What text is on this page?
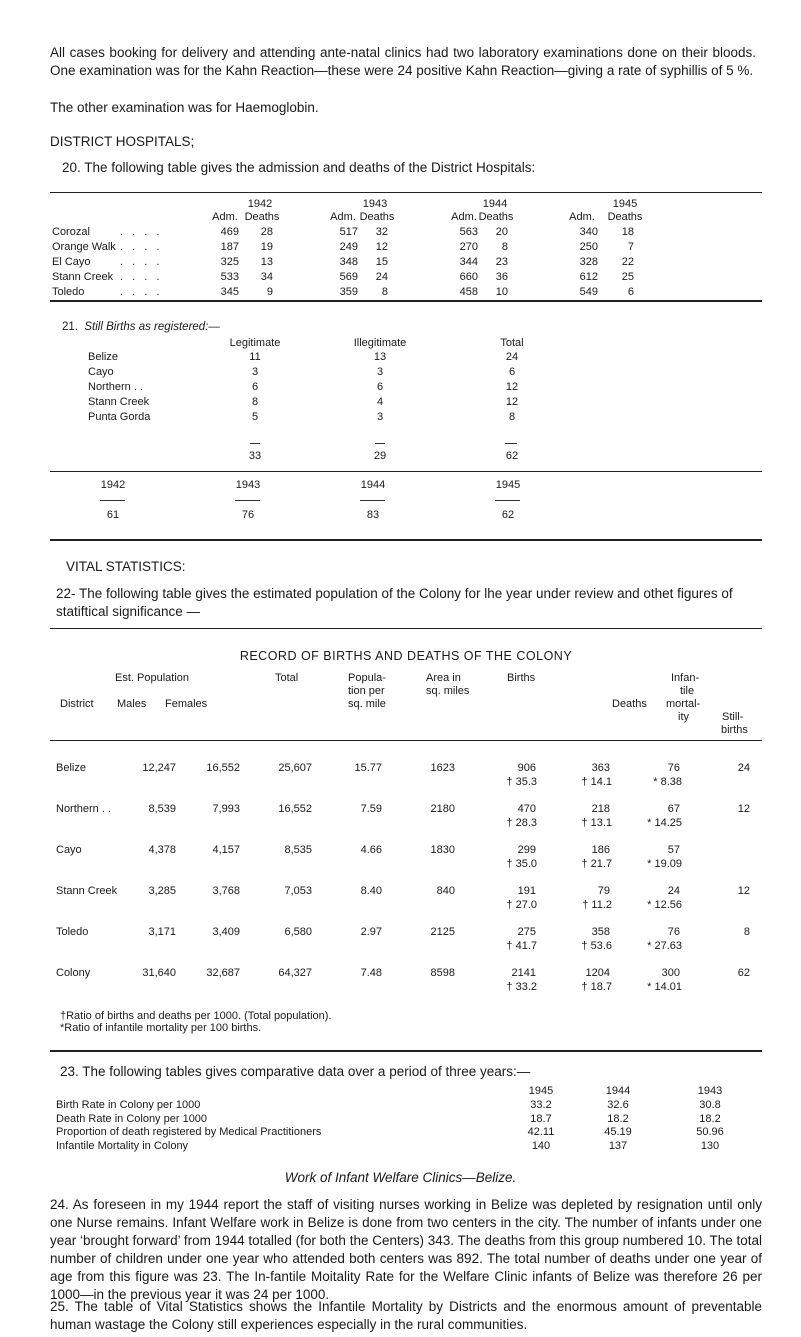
All cases booking for delivery and attending ante-natal clinics had two laboratory examinations done on their bloods. One examination was for the Kahn Reaction—these were 24 positive Kahn Reaction—giving a rate of syphillis of 5 %.
The other examination was for Haemoglobin.
DISTRICT HOSPITALS;
20. The following table gives the admission and deaths of the District Hospitals:
1942	1943	1944	1945
Adm.	Adm.	Adm.	Adm.
Deaths	Deaths	Deaths	Deaths
Corozal	. . . .	469	28	517	32	563	20	340	18
Orange Walk . . . .	187	19	249	12	270	8	250	7
El Cayo	. . . .	325	13	348	15	344	23	328	22
Stann Creek . . . .	533	34	569	24	660	36	612	25
Toledo	. . . .	345	9	359	8	458	10	549	6
21. Still Births as registered:—
Legitimate	Illegitimate	Total
Belize	11	13	24
Cayo	3	3	6
Northern . .	6	6	12
Stann Creek	8	4	12
Punta Gorda	5	3	8
33	29	62
1942	1943	1944	1945
61	76	83	62
VITAL STATISTICS:
22- The following table gives the estimated population of the Colony for lhe year under review and othet figures of statiftical significance —
RECORD OF BIRTHS AND DEATHS OF THE COLONY
Est. Population	Total	Popula-
tion per
sq. mile
Area in
sq. miles
Births	Infan-
tile
mortal-
ity
Deaths
District	Males	Females
Still-
births
Belize	12,247	16,552	25,607	15.77	1623	906	363	76	24
† 35.3	† 14.1	* 8.38
Northern . .	8,539	7,993	16,552	7.59	2180	470	218	67	12
† 28.3	† 13.1	* 14.25
Cayo	4,378	4,157	8,535	4.66	1830	299	186	57
† 35.0	† 21.7	* 19.09
Stann Creek	3,285	3,768	7,053	8.40	840	191	79	24	12
† 27.0	† 11.2	* 12.56
Toledo	3,171	3,409	6,580	2.97	2125	275	358	76	8
† 41.7	† 53.6	* 27.63
Colony	31,640	32,687	64,327	7.48	8598	2141	1204	300	62
† 33.2	† 18.7	* 14.01
†Ratio of births and deaths per 1000. (Total population).
*Ratio of infantile mortality per 100 births.
23. The following tables gives comparative data over a period of three years:—
1945	1944	1943
Birth Rate in Colony per 1000	33.2	32.6	30.8
Death Rate in Colony per 1000	18.7	18.2	18.2
Proportion of death registered by Medical Practitioners	42.11	45.19	50.96
Infantile Mortality in Colony	140	137	130
Work of Infant Welfare Clinics—Belize.
24. As foreseen in my 1944 report the staff of visiting nurses working in Belize was depleted by resignation until only one Nurse remains. Infant Welfare work in Belize is done from two centers in the city. The number of infants under one year ‘brought forward’ from 1944 totalled (for both the Centers) 343. The deaths from this group numbered 10. The total number of children under one year who attended both centers was 892. The total number of deaths under one year of age from this figure was 23. The In-fantile Moitality Rate for the Welfare Clinic infants of Belize was therefore 26 per 1000—in the previous year it was 24 per 1000.
25. The table of Vital Statistics shows the Infantile Mortality by Districts and the enormous amount of preventable human wastage the Colony still experiences especially in the rural communities.
